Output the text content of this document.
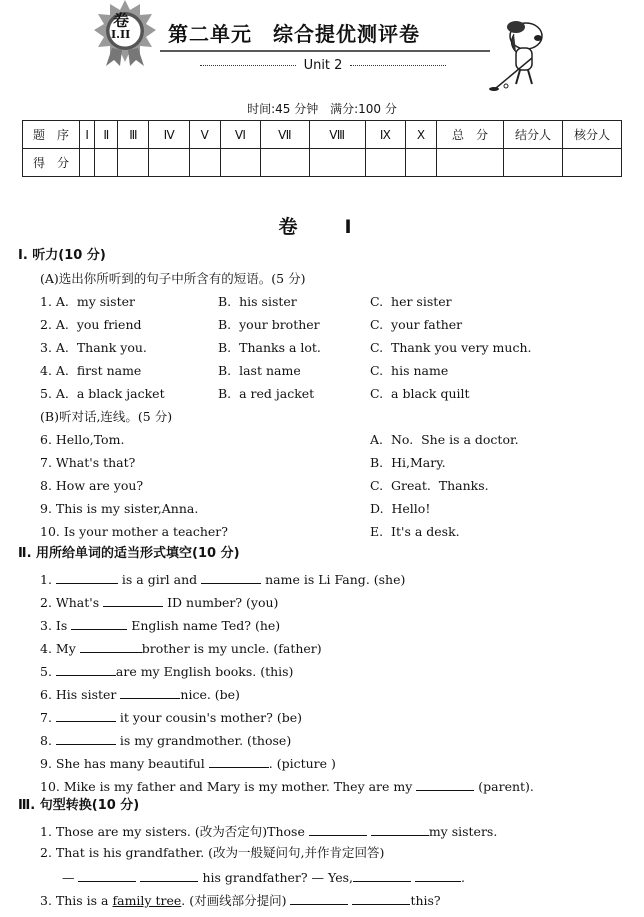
卷
I.II 第二单元　综合提优测评卷
Unit 2
时间:45 分钟 满分:100 分
题　序	Ⅰ	Ⅱ	Ⅲ	Ⅳ	Ⅴ	Ⅵ	Ⅶ	Ⅷ	Ⅸ	Ⅹ	总　分	结分人	核分人
得　分													
卷　I
Ⅰ. 听力(10 分)
(A)选出你所听到的句子中所含有的短语。(5 分)
1. A.  my sister	B.  his sister	C.  her sister
2. A.  you friend	B.  your brother	C.  your father
3. A.  Thank you.	B.  Thanks a lot.	C.  Thank you very much.
4. A.  first name	B.  last name	C.  his name
5. A.  a black jacket	B.  a red jacket	C.  a black quilt
(B)听对话,连线。(5 分)
6. Hello,Tom.	A.  No.  She is a doctor.
7. What's that?	B.  Hi,Mary.
8. How are you?	C.  Great.  Thanks.
9. This is my sister,Anna.	D.  Hello!
10. Is your mother a teacher?	E.  It's a desk.
Ⅱ. 用所给单词的适当形式填空(10 分)
1.	is a girl and	name is Li Fang. (she)
2. What's	ID number? (you)
3. Is	English name Ted? (he)
4. My	brother is my uncle. (father)
5.	are my English books. (this)
6. His sister	nice. (be)
7.	it your cousin's mother? (be)
8.	is my grandmother. (those)
9. She has many beautiful	. (picture )
10. Mike is my father and Mary is my mother. They are my	(parent).
Ⅲ. 句型转换(10 分)
1. Those are my sisters. (改为否定句)Those	my sisters.
2. That is his grandfather. (改为一般疑问句,并作肯定回答)
—	his grandfather? — Yes,	.
3. This is a family tree. (对画线部分提问)	this?
